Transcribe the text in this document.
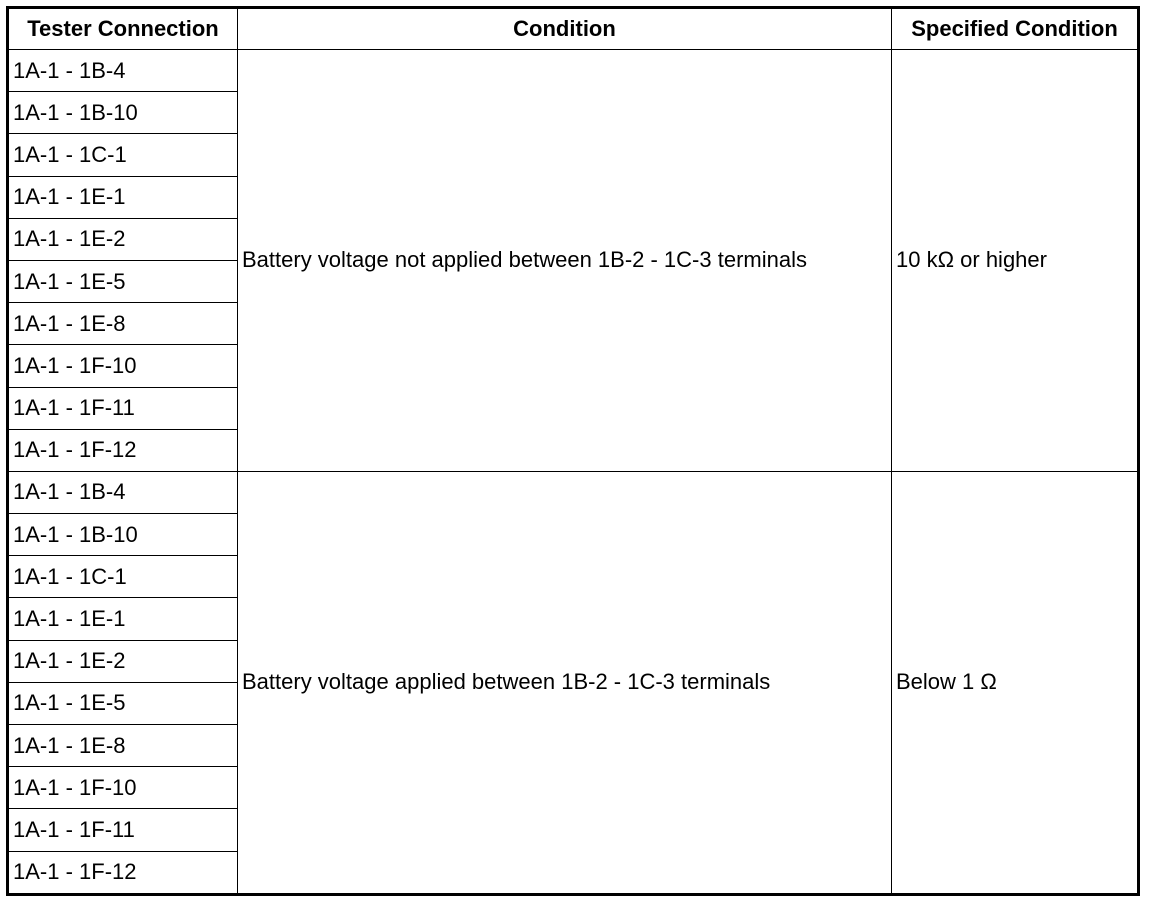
Tester Connection	Condition	Specified Condition
1A-1 - 1B-4	Battery voltage not applied between 1B-2 - 1C-3 terminals	10 kΩ or higher
1A-1 - 1B-10		
1A-1 - 1C-1		
1A-1 - 1E-1		
1A-1 - 1E-2		
1A-1 - 1E-5		
1A-1 - 1E-8		
1A-1 - 1F-10		
1A-1 - 1F-11		
1A-1 - 1F-12		
1A-1 - 1B-4	Battery voltage applied between 1B-2 - 1C-3 terminals	Below 1 Ω
1A-1 - 1B-10		
1A-1 - 1C-1		
1A-1 - 1E-1		
1A-1 - 1E-2		
1A-1 - 1E-5		
1A-1 - 1E-8		
1A-1 - 1F-10		
1A-1 - 1F-11		
1A-1 - 1F-12		
